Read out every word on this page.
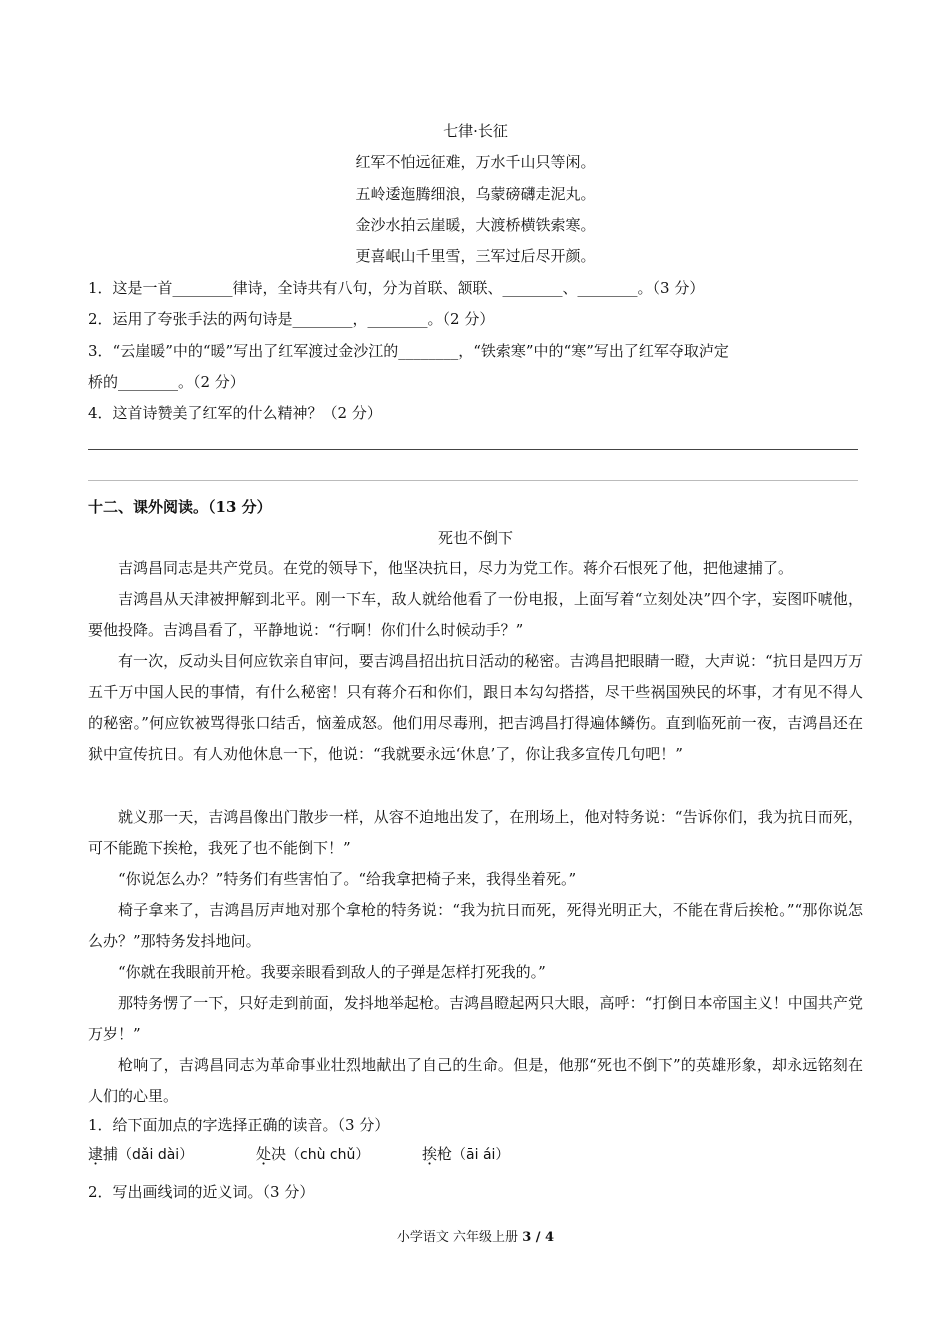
七律·长征
红军不怕远征难，万水千山只等闲。
五岭逶迤腾细浪，乌蒙磅礴走泥丸。
金沙水拍云崖暖，大渡桥横铁索寒。
更喜岷山千里雪，三军过后尽开颜。
1．这是一首________律诗，全诗共有八句，分为首联、颔联、________、________。（3 分）
2．运用了夸张手法的两句诗是________，________。（2 分）
3．“云崖暖”中的“暖”写出了红军渡过金沙江的________，“铁索寒”中的“寒”写出了红军夺取泸定
桥的________。（2 分）
4．这首诗赞美了红军的什么精神？（2 分）
十二、课外阅读。（13 分）
死也不倒下
吉鸿昌同志是共产党员。在党的领导下，他坚决抗日，尽力为党工作。蒋介石恨死了他，把他逮捕了。
吉鸿昌从天津被押解到北平。刚一下车，敌人就给他看了一份电报，上面写着“立刻处决”四个字，妄图吓唬他，要他投降。吉鸿昌看了，平静地说：“行啊！你们什么时候动手？”
有一次，反动头目何应钦亲自审问，要吉鸿昌招出抗日活动的秘密。吉鸿昌把眼睛一瞪，大声说：“抗日是四万万五千万中国人民的事情，有什么秘密！只有蒋介石和你们，跟日本勾勾搭搭，尽干些祸国殃民的坏事，才有见不得人的秘密。”何应钦被骂得张口结舌，恼羞成怒。他们用尽毒刑，把吉鸿昌打得遍体鳞伤。直到临死前一夜，吉鸿昌还在狱中宣传抗日。有人劝他休息一下，他说：“我就要永远‘休息’了，你让我多宣传几句吧！”
就义那一天，吉鸿昌像出门散步一样，从容不迫地出发了，在刑场上，他对特务说：“告诉你们，我为抗日而死，可不能跪下挨枪，我死了也不能倒下！”
“你说怎么办？”特务们有些害怕了。“给我拿把椅子来，我得坐着死。”
椅子拿来了，吉鸿昌厉声地对那个拿枪的特务说：“我为抗日而死，死得光明正大，不能在背后挨枪。”“那你说怎么办？”那特务发抖地问。
“你就在我眼前开枪。我要亲眼看到敌人的子弹是怎样打死我的。”
那特务愣了一下，只好走到前面，发抖地举起枪。吉鸿昌瞪起两只大眼，高呼：“打倒日本帝国主义！中国共产党万岁！”
枪响了，吉鸿昌同志为革命事业壮烈地献出了自己的生命。但是，他那“死也不倒下”的英雄形象，却永远铭刻在人们的心里。
1．给下面加点的字选择正确的读音。（3 分）
逮捕（dǎi dài）	处决（chù chǔ）	挨枪（āi ái）
2．写出画线词的近义词。（3 分）
小学语文 六年级上册 3 / 4
